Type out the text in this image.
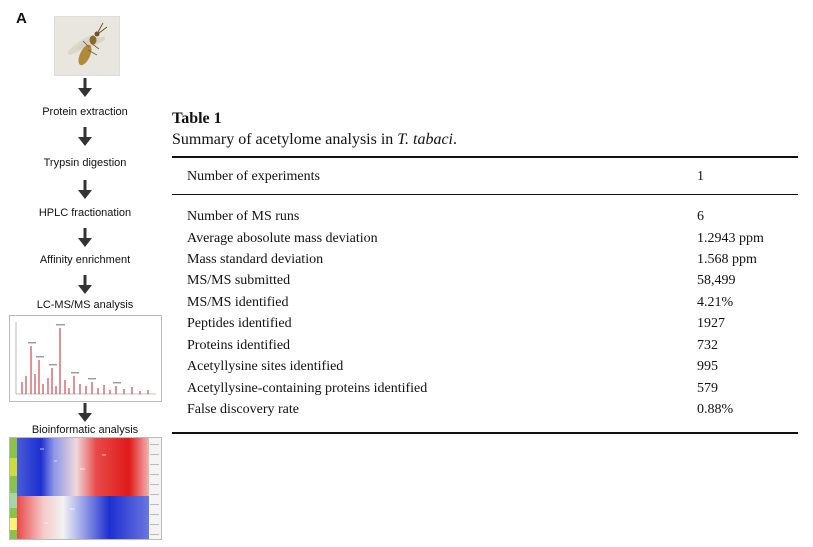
A
Protein extraction
Trypsin digestion
HPLC fractionation
Affinity enrichment
LC-MS/MS analysis
Bioinformatic analysis
Table 1
Summary of acetylome analysis in T. tabaci.
Number of experiments	1
Number of MS runs	6
Average abosolute mass deviation	1.2943 ppm
Mass standard deviation	1.568 ppm
MS/MS submitted	58,499
MS/MS identified	4.21%
Peptides identified	1927
Proteins identified	732
Acetyllysine sites identified	995
Acetyllysine-containing proteins identified	579
False discovery rate	0.88%
